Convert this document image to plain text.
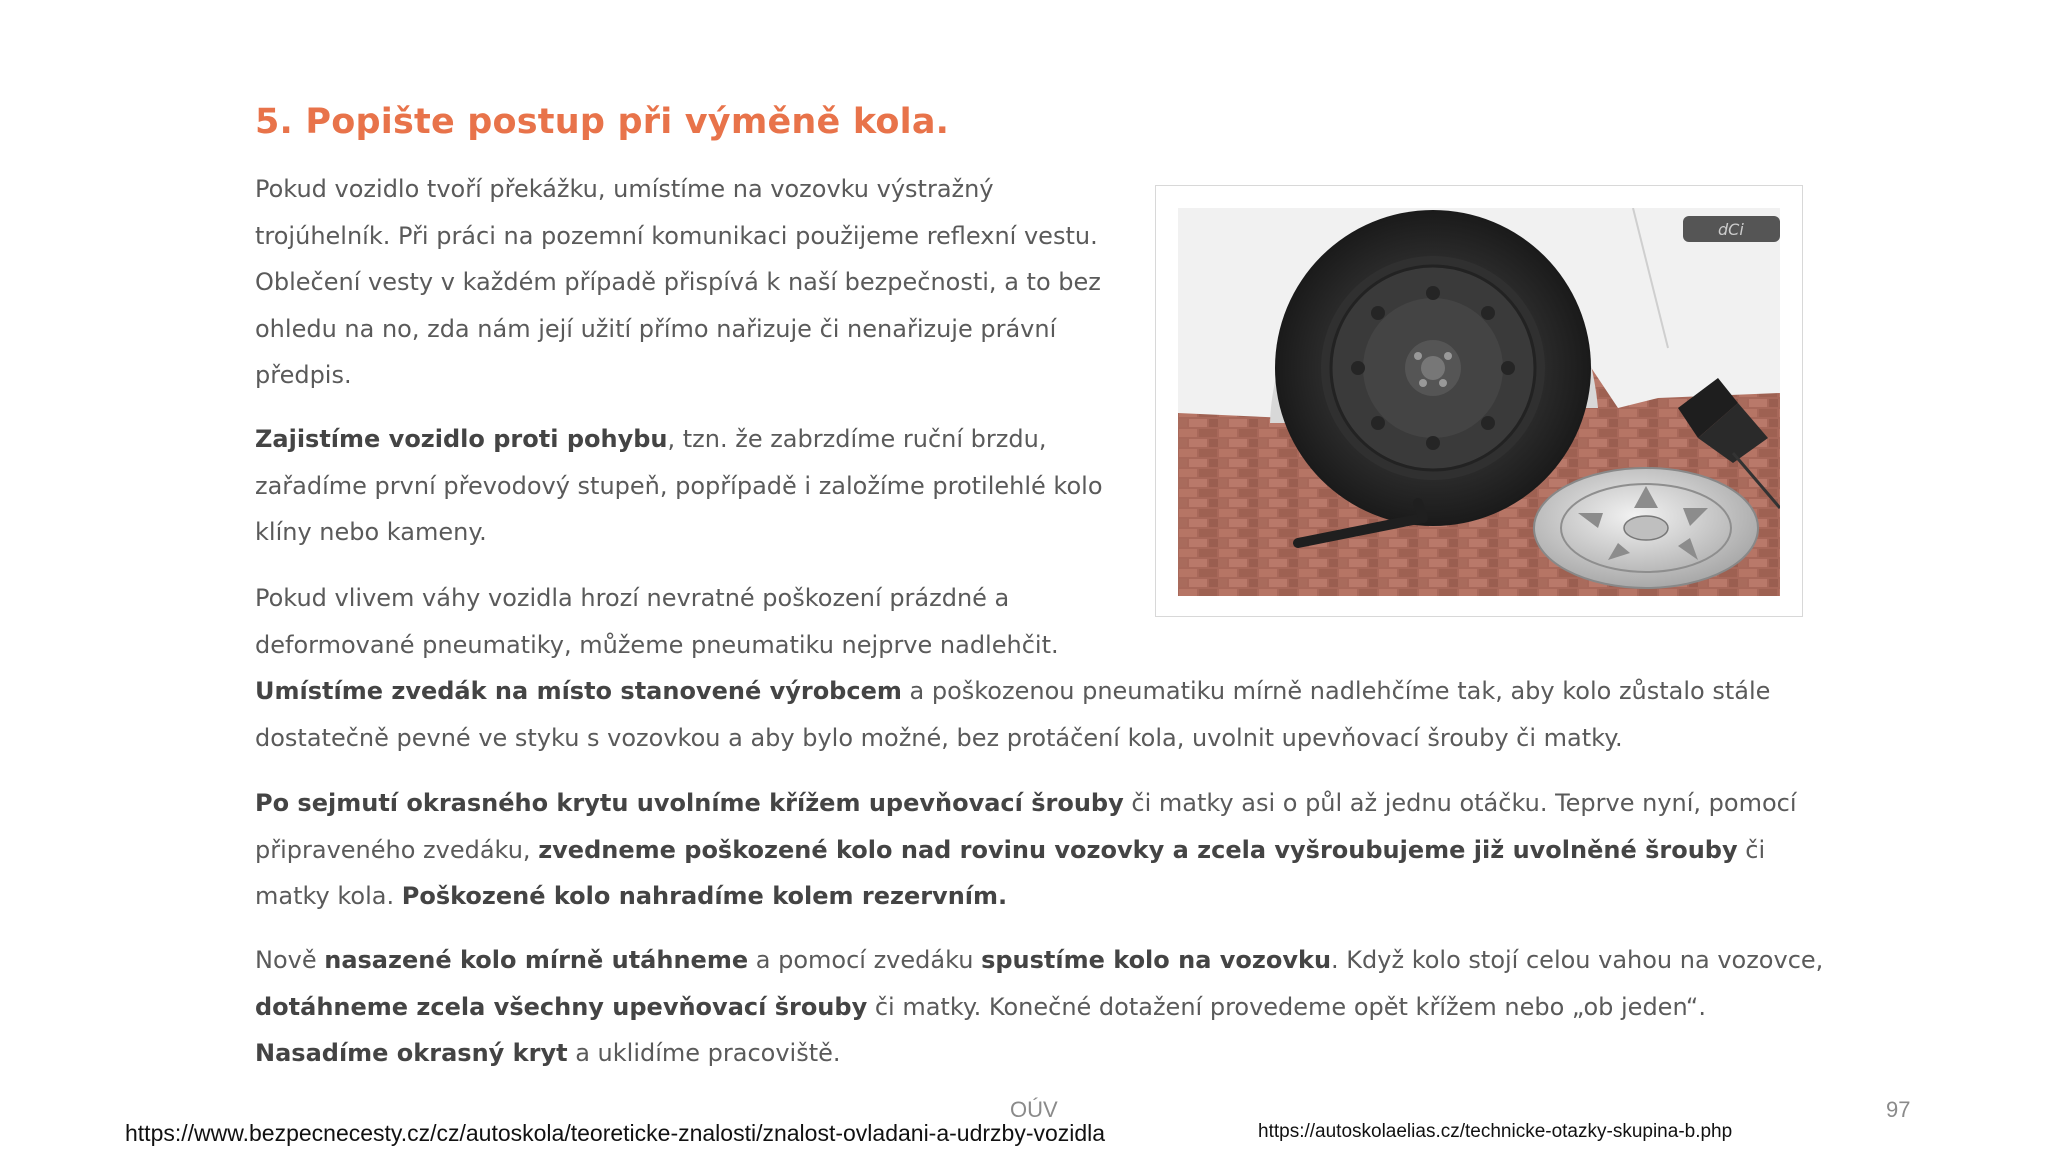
5. Popište postup při výměně kola.

Pokud vozidlo tvoří překážku, umístíme na vozovku výstražný trojúhelník. Při práci na pozemní komunikaci použijeme reflexní vestu. Oblečení vesty v každém případě přispívá k naší bezpečnosti, a to bez ohledu na no, zda nám její užití přímo nařizuje či nenařizuje právní předpis.

Zajistíme vozidlo proti pohybu, tzn. že zabrzdíme ruční brzdu, zařadíme první převodový stupeň, popřípadě i založíme protilehlé kolo klíny nebo kameny.

Pokud vlivem váhy vozidla hrozí nevratné poškození prázdné a deformované pneumatiky, můžeme pneumatiku nejprve nadlehčit.
Umístíme zvedák na místo stanovené výrobcem a poškozenou pneumatiku mírně nadlehčíme tak, aby kolo zůstalo stále dostatečně pevné ve styku s vozovkou a aby bylo možné, bez protáčení kola, uvolnit upevňovací šrouby či matky.

Po sejmutí okrasného krytu uvolníme křížem upevňovací šrouby či matky asi o půl až jednu otáčku. Teprve nyní, pomocí připraveného zvedáku, zvedneme poškozené kolo nad rovinu vozovky a zcela vyšroubujeme již uvolněné šrouby či matky kola. Poškozené kolo nahradíme kolem rezervním.

Nově nasazené kolo mírně utáhneme a pomocí zvedáku spustíme kolo na vozovku. Když kolo stojí celou vahou na vozovce, dotáhneme zcela všechny upevňovací šrouby či matky. Konečné dotažení provedeme opět křížem nebo „ob jeden“. Nasadíme okrasný kryt a uklidíme pracoviště.

dCi
OÚV	97
https://www.bezpecnecesty.cz/cz/autoskola/teoreticke-znalosti/znalost-ovladani-a-udrzby-vozidla	https://autoskolaelias.cz/technicke-otazky-skupina-b.php
